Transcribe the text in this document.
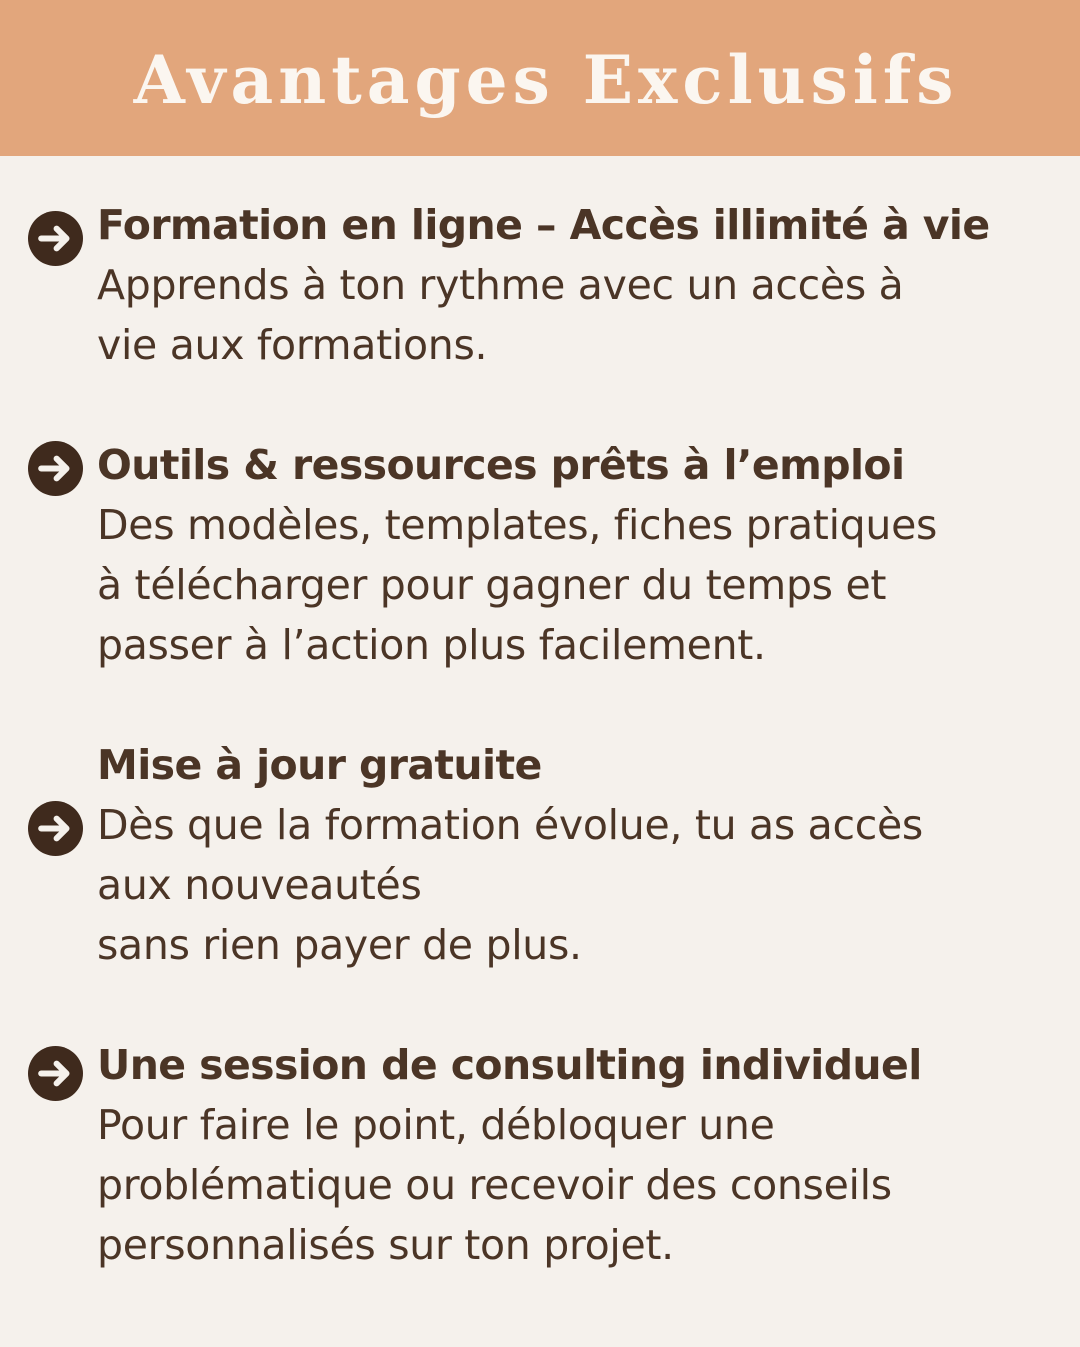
Avantages Exclusifs
Formation en ligne – Accès illimité à vie
Apprends à ton rythme avec un accès à
vie aux formations.
Outils & ressources prêts à l’emploi
Des modèles, templates, fiches pratiques
à télécharger pour gagner du temps et
passer à l’action plus facilement.
Mise à jour gratuite
Dès que la formation évolue, tu as accès
aux nouveautés
sans rien payer de plus.
Une session de consulting individuel
Pour faire le point, débloquer une
problématique ou recevoir des conseils
personnalisés sur ton projet.
